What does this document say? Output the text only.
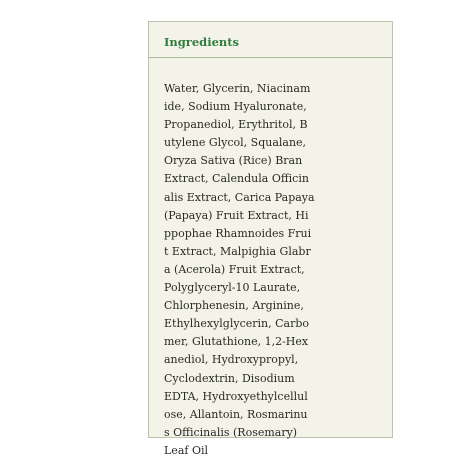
Ingredients
Water, Glycerin, Niacinam
ide, Sodium Hyaluronate,
Propanediol, Erythritol, B
utylene Glycol, Squalane,
Oryza Sativa (Rice) Bran
Extract, Calendula Offici​n
alis Extract, Carica Papaya
(Papaya) Fruit Extract, Hi
ppophae Rhamnoides Frui
t Extract, Malpighia Glabr
a (Acerola) Fruit Extract,
Polyglyceryl-10 Laurate,
Chlorphenesin, Arginine,
Ethylhexylglycerin, Carbo
mer, Glutathione, 1,2-Hex
anediol, Hydroxypropyl,
Cyclodextrin, Disodium
EDTA, Hydroxyethylcellul
ose, Allantoin, Rosmarinu
s Officinalis (Rosemary)
Leaf Oil
